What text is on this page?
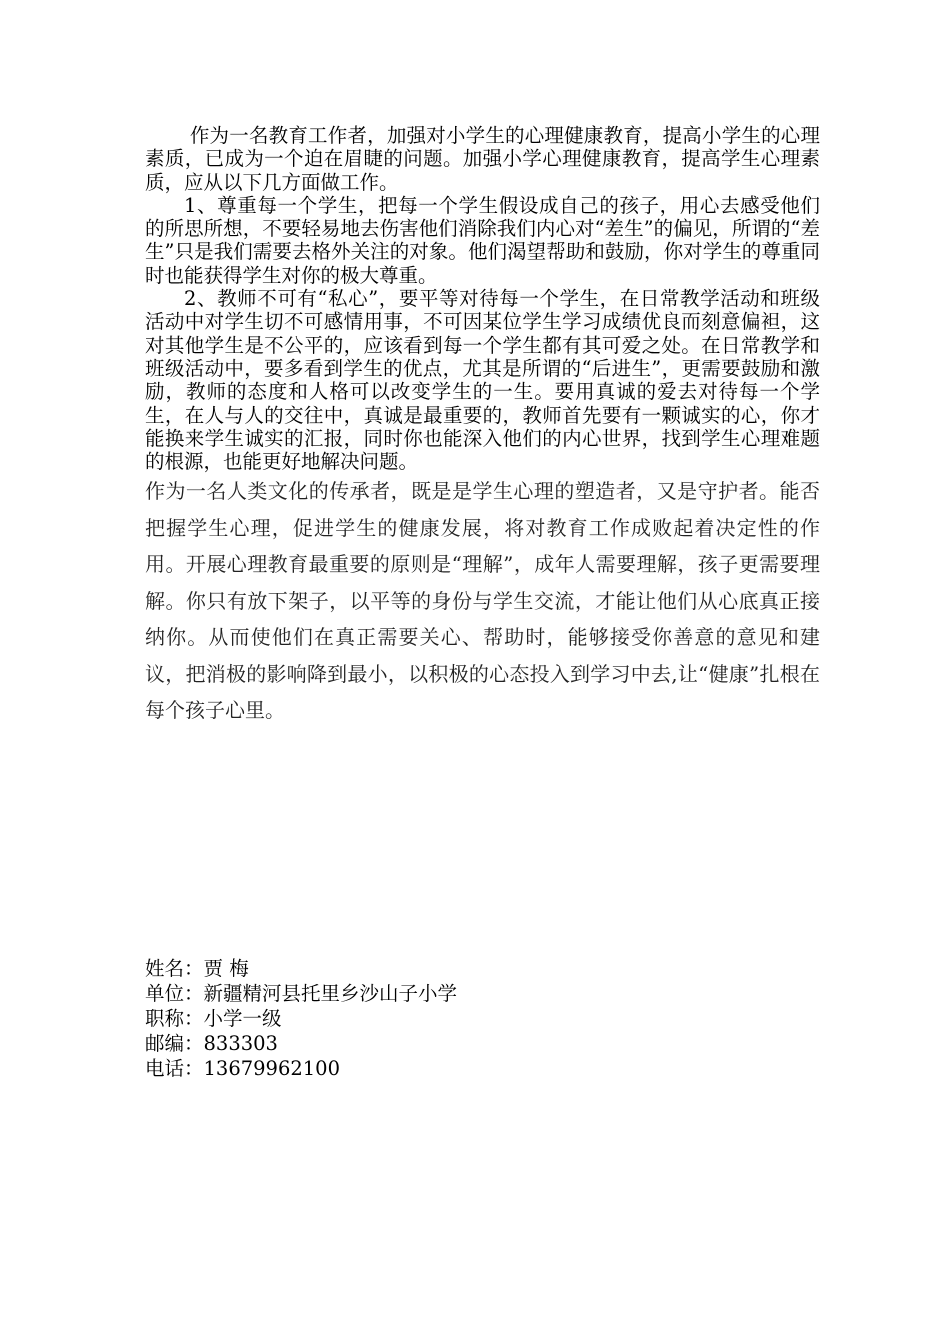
作为一名教育工作者，加强对小学生的心理健康教育，提高小学生的心理素质，已成为一个迫在眉睫的问题。加强小学心理健康教育，提高学生心理素质，应从以下几方面做工作。

1、尊重每一个学生，把每一个学生假设成自己的孩子，用心去感受他们的所思所想，不要轻易地去伤害他们消除我们内心对“差生”的偏见，所谓的“差生”只是我们需要去格外关注的对象。他们渴望帮助和鼓励，你对学生的尊重同时也能获得学生对你的极大尊重。

2、教师不可有“私心”，要平等对待每一个学生，在日常教学活动和班级活动中对学生切不可感情用事，不可因某位学生学习成绩优良而刻意偏袒，这对其他学生是不公平的，应该看到每一个学生都有其可爱之处。在日常教学和班级活动中，要多看到学生的优点，尤其是所谓的“后进生”，更需要鼓励和激励，教师的态度和人格可以改变学生的一生。要用真诚的爱去对待每一个学生，在人与人的交往中，真诚是最重要的，教师首先要有一颗诚实的心，你才能换来学生诚实的汇报，同时你也能深入他们的内心世界，找到学生心理难题的根源，也能更好地解决问题。

作为一名人类文化的传承者，既是是学生心理的塑造者，又是守护者。能否把握学生心理，促进学生的健康发展，将对教育工作成败起着决定性的作用。开展心理教育最重要的原则是“理解”，成年人需要理解，孩子更需要理解。你只有放下架子，以平等的身份与学生交流，才能让他们从心底真正接纳你。从而使他们在真正需要关心、帮助时，能够接受你善意的意见和建议，把消极的影响降到最小，以积极的心态投入到学习中去,让“健康”扎根在每个孩子心里。

姓名：贾 梅
单位：新疆精河县托里乡沙山子小学
职称：小学一级
邮编：833303
电话：13679962100
